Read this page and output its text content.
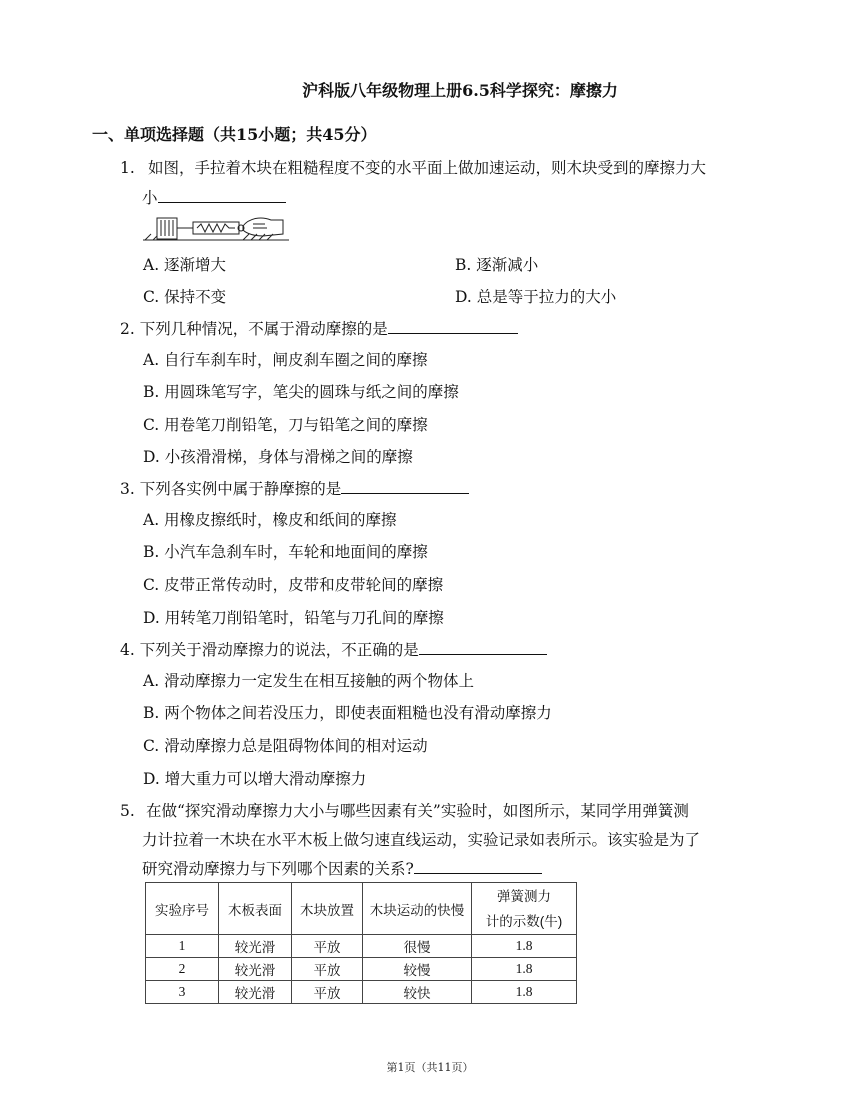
沪科版八年级物理上册6.5科学探究：摩擦力
一、单项选择题（共15小题；共45分）
1. 如图，手拉着木块在粗糙程度不变的水平面上做加速运动，则木块受到的摩擦力大
小
A. 逐渐增大	B. 逐渐减小
C. 保持不变	D. 总是等于拉力的大小
2. 下列几种情况，不属于滑动摩擦的是
A. 自行车刹车时，闸皮刹车圈之间的摩擦
B. 用圆珠笔写字，笔尖的圆珠与纸之间的摩擦
C. 用卷笔刀削铅笔，刀与铅笔之间的摩擦
D. 小孩滑滑梯，身体与滑梯之间的摩擦
3. 下列各实例中属于静摩擦的是
A. 用橡皮擦纸时，橡皮和纸间的摩擦
B. 小汽车急刹车时，车轮和地面间的摩擦
C. 皮带正常传动时，皮带和皮带轮间的摩擦
D. 用转笔刀削铅笔时，铅笔与刀孔间的摩擦
4. 下列关于滑动摩擦力的说法，不正确的是
A. 滑动摩擦力一定发生在相互接触的两个物体上
B. 两个物体之间若没压力，即使表面粗糙也没有滑动摩擦力
C. 滑动摩擦力总是阻碍物体间的相对运动
D. 增大重力可以增大滑动摩擦力
5. 在做“探究滑动摩擦力大小与哪些因素有关”实验时，如图所示，某同学用弹簧测
力计拉着一木块在水平木板上做匀速直线运动，实验记录如表所示。该实验是为了
研究滑动摩擦力与下列哪个因素的关系?
实验序号	木板表面	木块放置	木块运动的快慢	弹簧测力
计的示数(牛)

1	较光滑	平放	很慢	1.8
2	较光滑	平放	较慢	1.8
3	较光滑	平放	较快	1.8
第1页（共11页）
